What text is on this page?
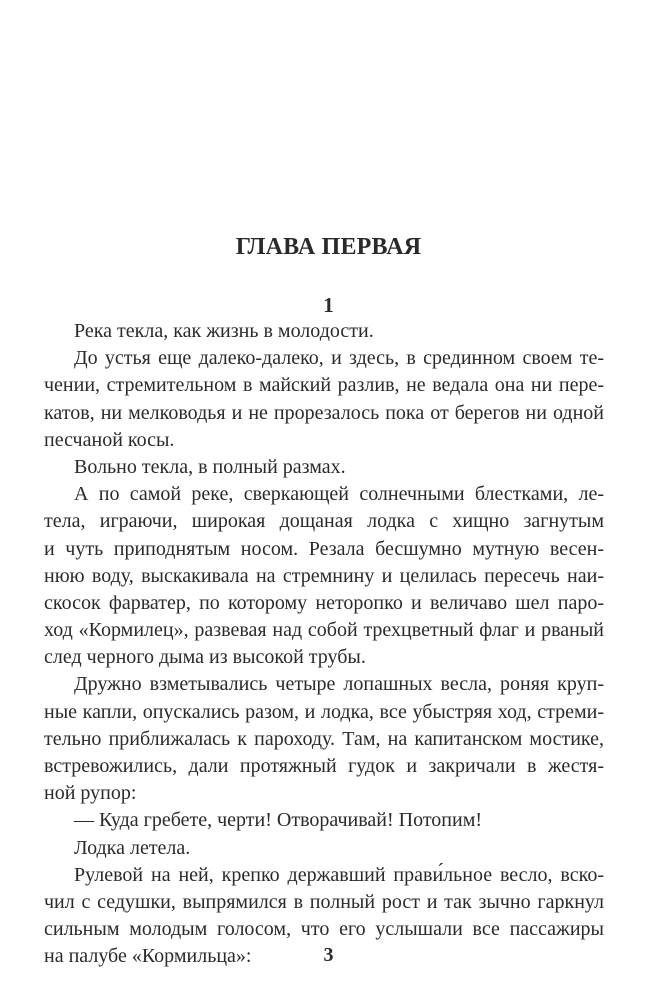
ГЛАВА ПЕРВАЯ
1
Река текла, как жизнь в молодости.
До устья еще далеко-далеко, и здесь, в срединном своем те-
чении, стремительном в майский разлив, не ведала она ни пере-
катов, ни мелководья и не прорезалось пока от берегов ни одной
песчаной косы.
Вольно текла, в полный размах.
А по самой реке, сверкающей солнечными блестками, ле-
тела, играючи, широкая дощаная лодка с хищно загнутым
и чуть приподнятым носом. Резала бесшумно мутную весен-
нюю воду, выскакивала на стремнину и целилась пересечь наи-
скосок фарватер, по которому неторопко и величаво шел паро-
ход «Кормилец», развевая над собой трехцветный флаг и рваный
след черного дыма из высокой трубы.
Дружно взметывались четыре лопашных весла, роняя круп-
ные капли, опускались разом, и лодка, все убыстряя ход, стреми-
тельно приближалась к пароходу. Там, на капитанском мостике,
встревожились, дали протяжный гудок и закричали в жестя-
ной рупор:
— Куда гребете, черти! Отворачивай! Потопим!
Лодка летела.
Рулевой на ней, крепко державший прави́льное весло, вско-
чил с седушки, выпрямился в полный рост и так зычно гаркнул
сильным молодым голосом, что его услышали все пассажиры
на палубе «Кормильца»:	3
